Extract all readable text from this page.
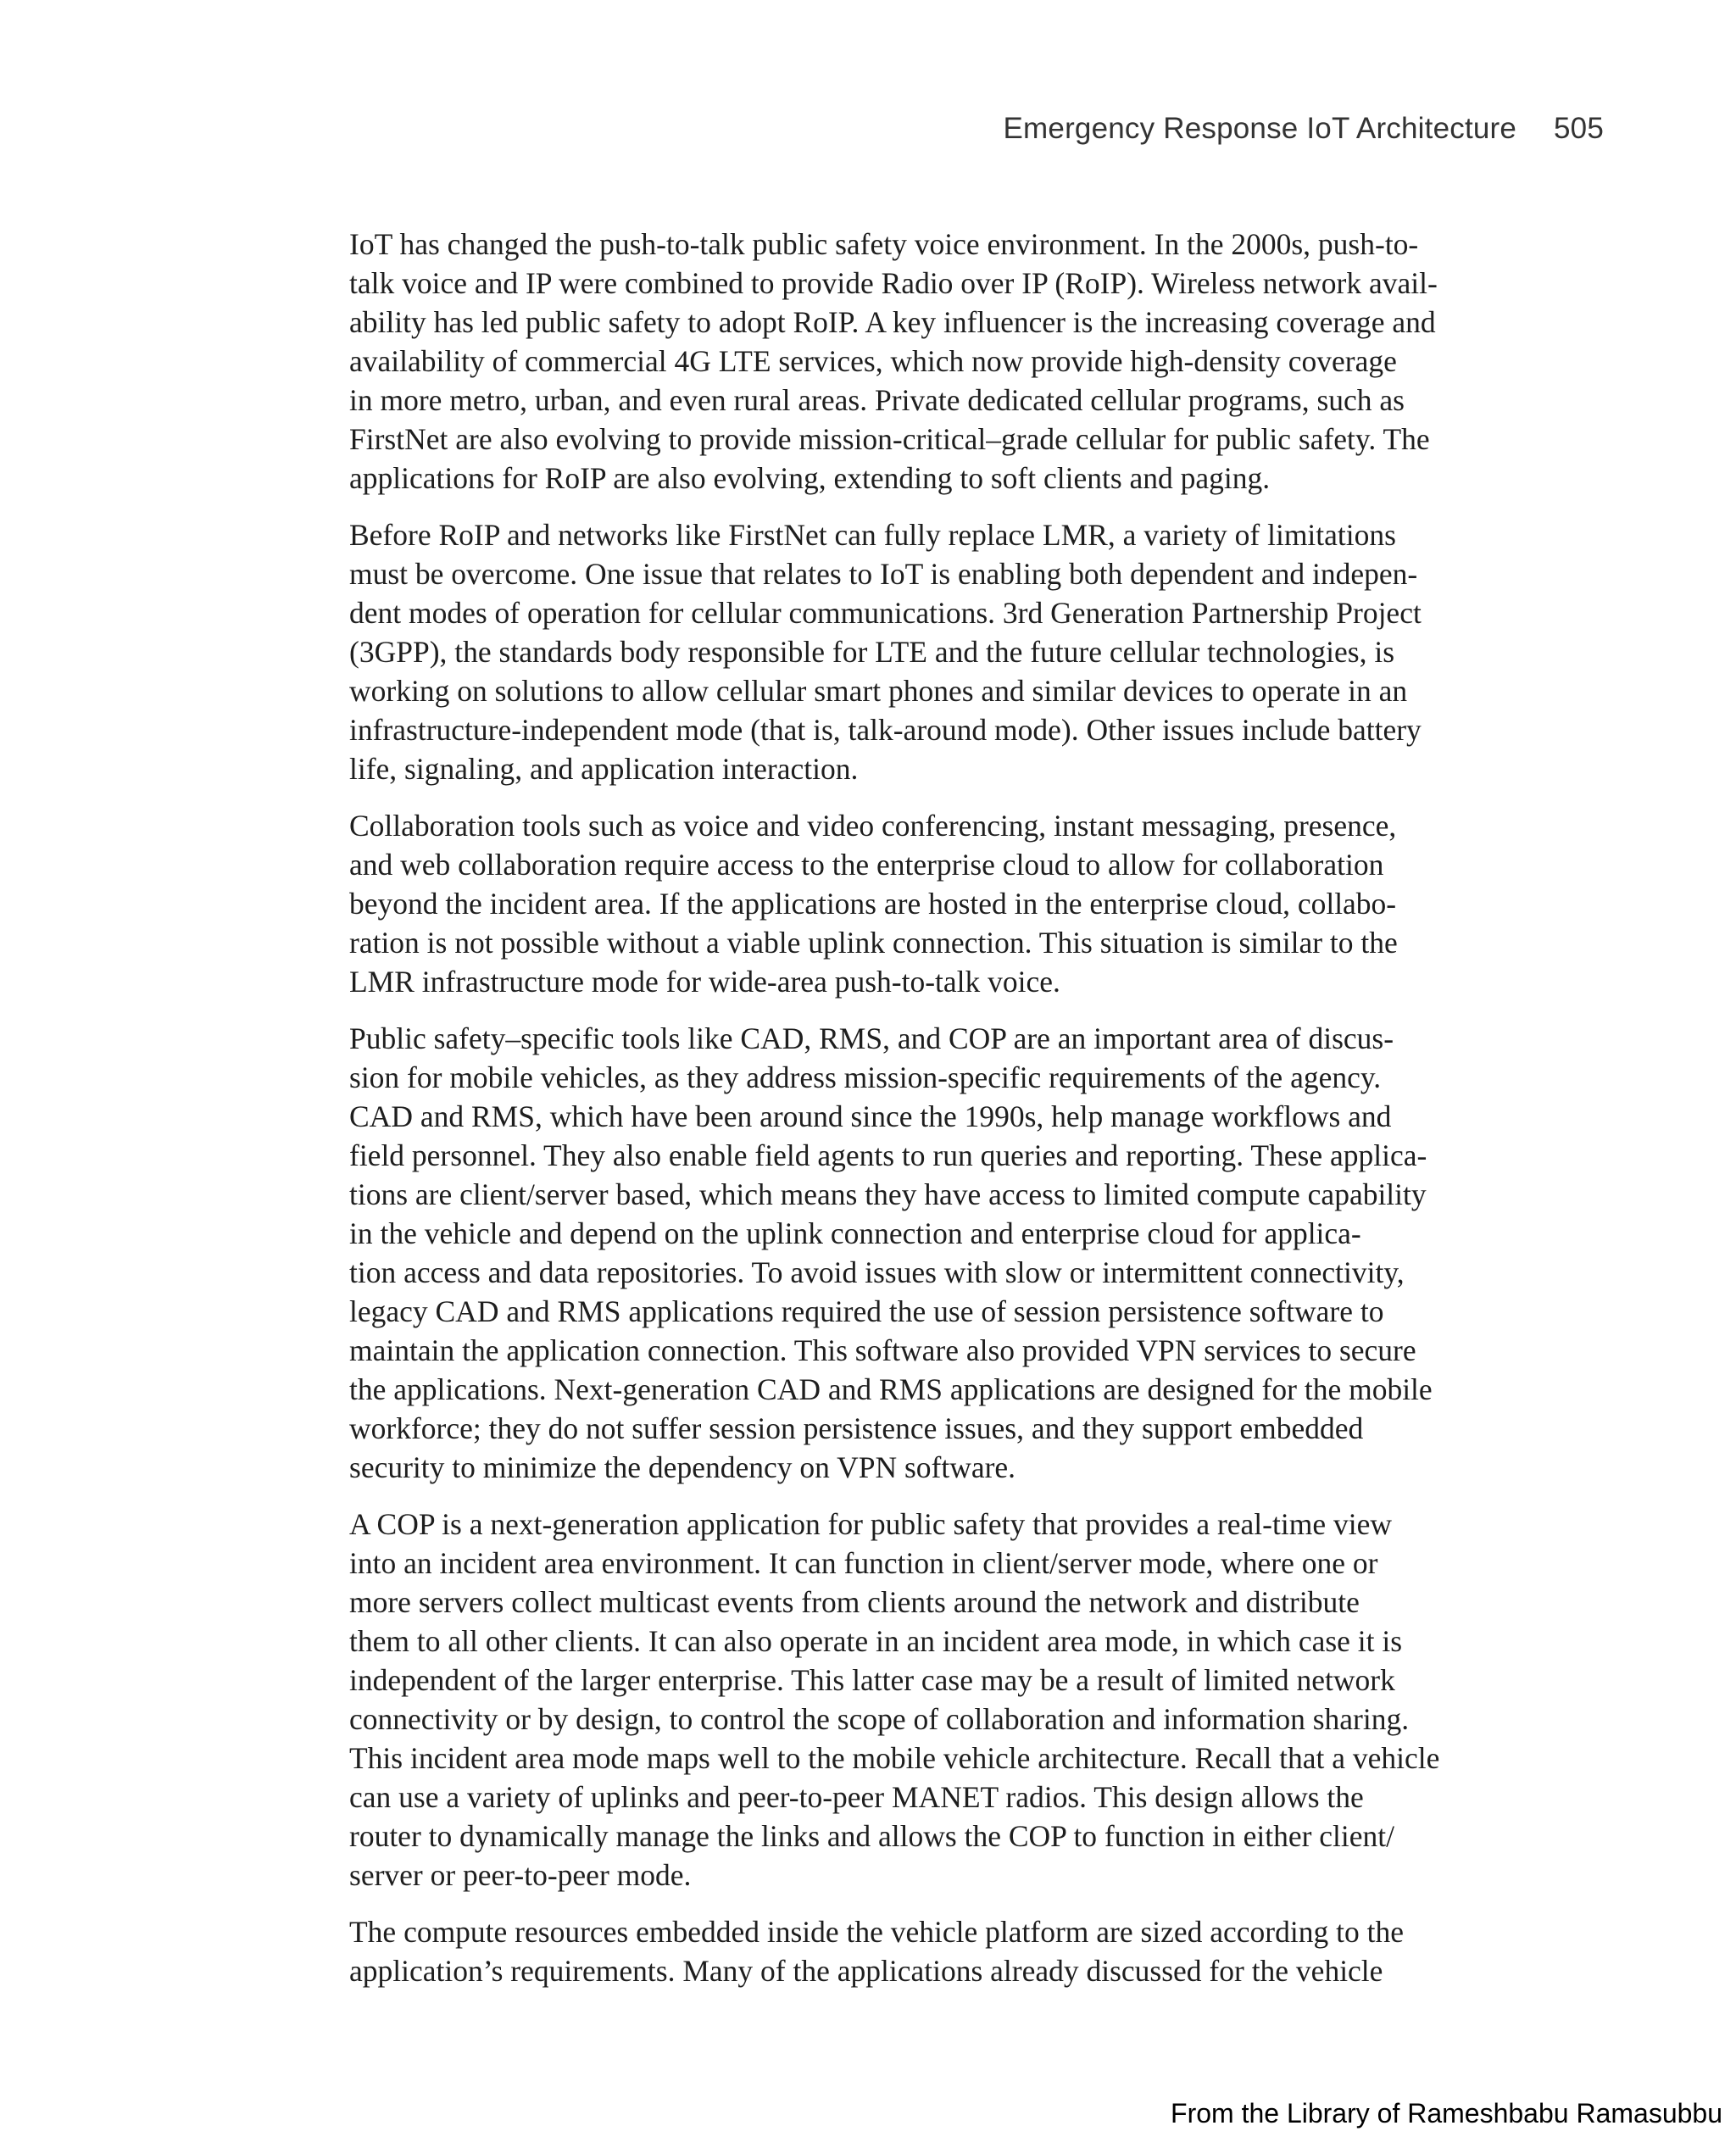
Emergency Response IoT Architecture 505
IoT has changed the push-to-talk public safety voice environment. In the 2000s, push-to-
talk voice and IP were combined to provide Radio over IP (RoIP). Wireless network avail-
ability has led public safety to adopt RoIP. A key influencer is the increasing coverage and
availability of commercial 4G LTE services, which now provide high-density coverage
in more metro, urban, and even rural areas. Private dedicated cellular programs, such as
FirstNet are also evolving to provide mission-critical–grade cellular for public safety. The
applications for RoIP are also evolving, extending to soft clients and paging.
Before RoIP and networks like FirstNet can fully replace LMR, a variety of limitations
must be overcome. One issue that relates to IoT is enabling both dependent and indepen-
dent modes of operation for cellular communications. 3rd Generation Partnership Project
(3GPP), the standards body responsible for LTE and the future cellular technologies, is
working on solutions to allow cellular smart phones and similar devices to operate in an
infrastructure-independent mode (that is, talk-around mode). Other issues include battery
life, signaling, and application interaction.
Collaboration tools such as voice and video conferencing, instant messaging, presence,
and web collaboration require access to the enterprise cloud to allow for collaboration
beyond the incident area. If the applications are hosted in the enterprise cloud, collabo-
ration is not possible without a viable uplink connection. This situation is similar to the
LMR infrastructure mode for wide-area push-to-talk voice.
Public safety–specific tools like CAD, RMS, and COP are an important area of discus-
sion for mobile vehicles, as they address mission-specific requirements of the agency.
CAD and RMS, which have been around since the 1990s, help manage workflows and
field personnel. They also enable field agents to run queries and reporting. These applica-
tions are client/server based, which means they have access to limited compute capability
in the vehicle and depend on the uplink connection and enterprise cloud for applica-
tion access and data repositories. To avoid issues with slow or intermittent connectivity,
legacy CAD and RMS applications required the use of session persistence software to
maintain the application connection. This software also provided VPN services to secure
the applications. Next-generation CAD and RMS applications are designed for the mobile
workforce; they do not suffer session persistence issues, and they support embedded
security to minimize the dependency on VPN software.
A COP is a next-generation application for public safety that provides a real-time view
into an incident area environment. It can function in client/server mode, where one or
more servers collect multicast events from clients around the network and distribute
them to all other clients. It can also operate in an incident area mode, in which case it is
independent of the larger enterprise. This latter case may be a result of limited network
connectivity or by design, to control the scope of collaboration and information sharing.
This incident area mode maps well to the mobile vehicle architecture. Recall that a vehicle
can use a variety of uplinks and peer-to-peer MANET radios. This design allows the
router to dynamically manage the links and allows the COP to function in either client/
server or peer-to-peer mode.
The compute resources embedded inside the vehicle platform are sized according to the
application’s requirements. Many of the applications already discussed for the vehicle
From the Library of Rameshbabu Ramasubbu
